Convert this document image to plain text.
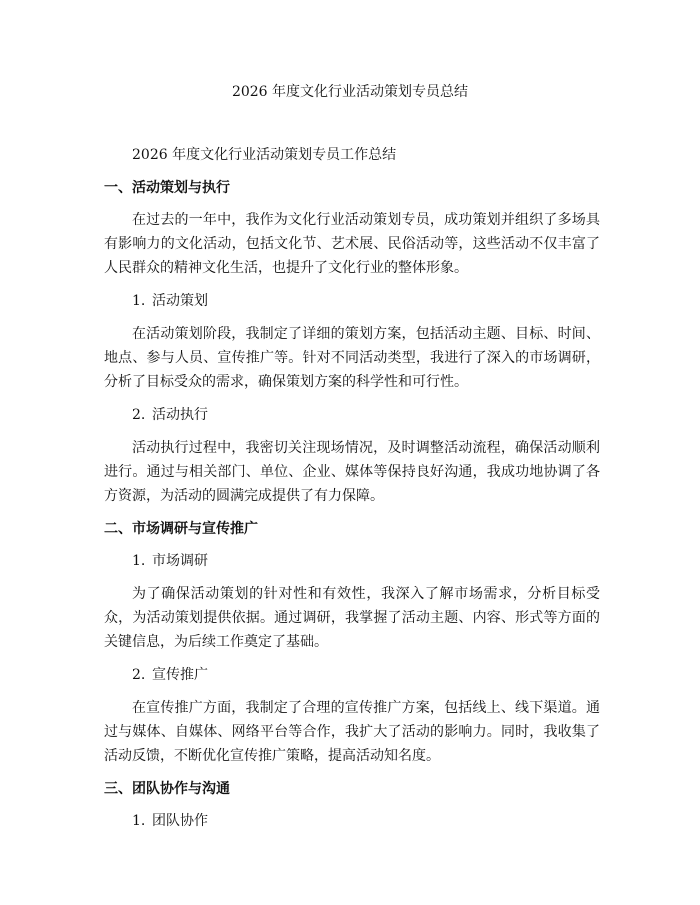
2026 年度文化行业活动策划专员总结

2026 年度文化行业活动策划专员工作总结

一、活动策划与执行

在过去的一年中，我作为文化行业活动策划专员，成功策划并组织了多场具有影响力的文化活动，包括文化节、艺术展、民俗活动等，这些活动不仅丰富了人民群众的精神文化生活，也提升了文化行业的整体形象。

1. 活动策划

在活动策划阶段，我制定了详细的策划方案，包括活动主题、目标、时间、地点、参与人员、宣传推广等。针对不同活动类型，我进行了深入的市场调研，分析了目标受众的需求，确保策划方案的科学性和可行性。

2. 活动执行

活动执行过程中，我密切关注现场情况，及时调整活动流程，确保活动顺利进行。通过与相关部门、单位、企业、媒体等保持良好沟通，我成功地协调了各方资源，为活动的圆满完成提供了有力保障。

二、市场调研与宣传推广

1. 市场调研

为了确保活动策划的针对性和有效性，我深入了解市场需求，分析目标受众，为活动策划提供依据。通过调研，我掌握了活动主题、内容、形式等方面的关键信息，为后续工作奠定了基础。

2. 宣传推广

在宣传推广方面，我制定了合理的宣传推广方案，包括线上、线下渠道。通过与媒体、自媒体、网络平台等合作，我扩大了活动的影响力。同时，我收集了活动反馈，不断优化宣传推广策略，提高活动知名度。

三、团队协作与沟通

1. 团队协作
